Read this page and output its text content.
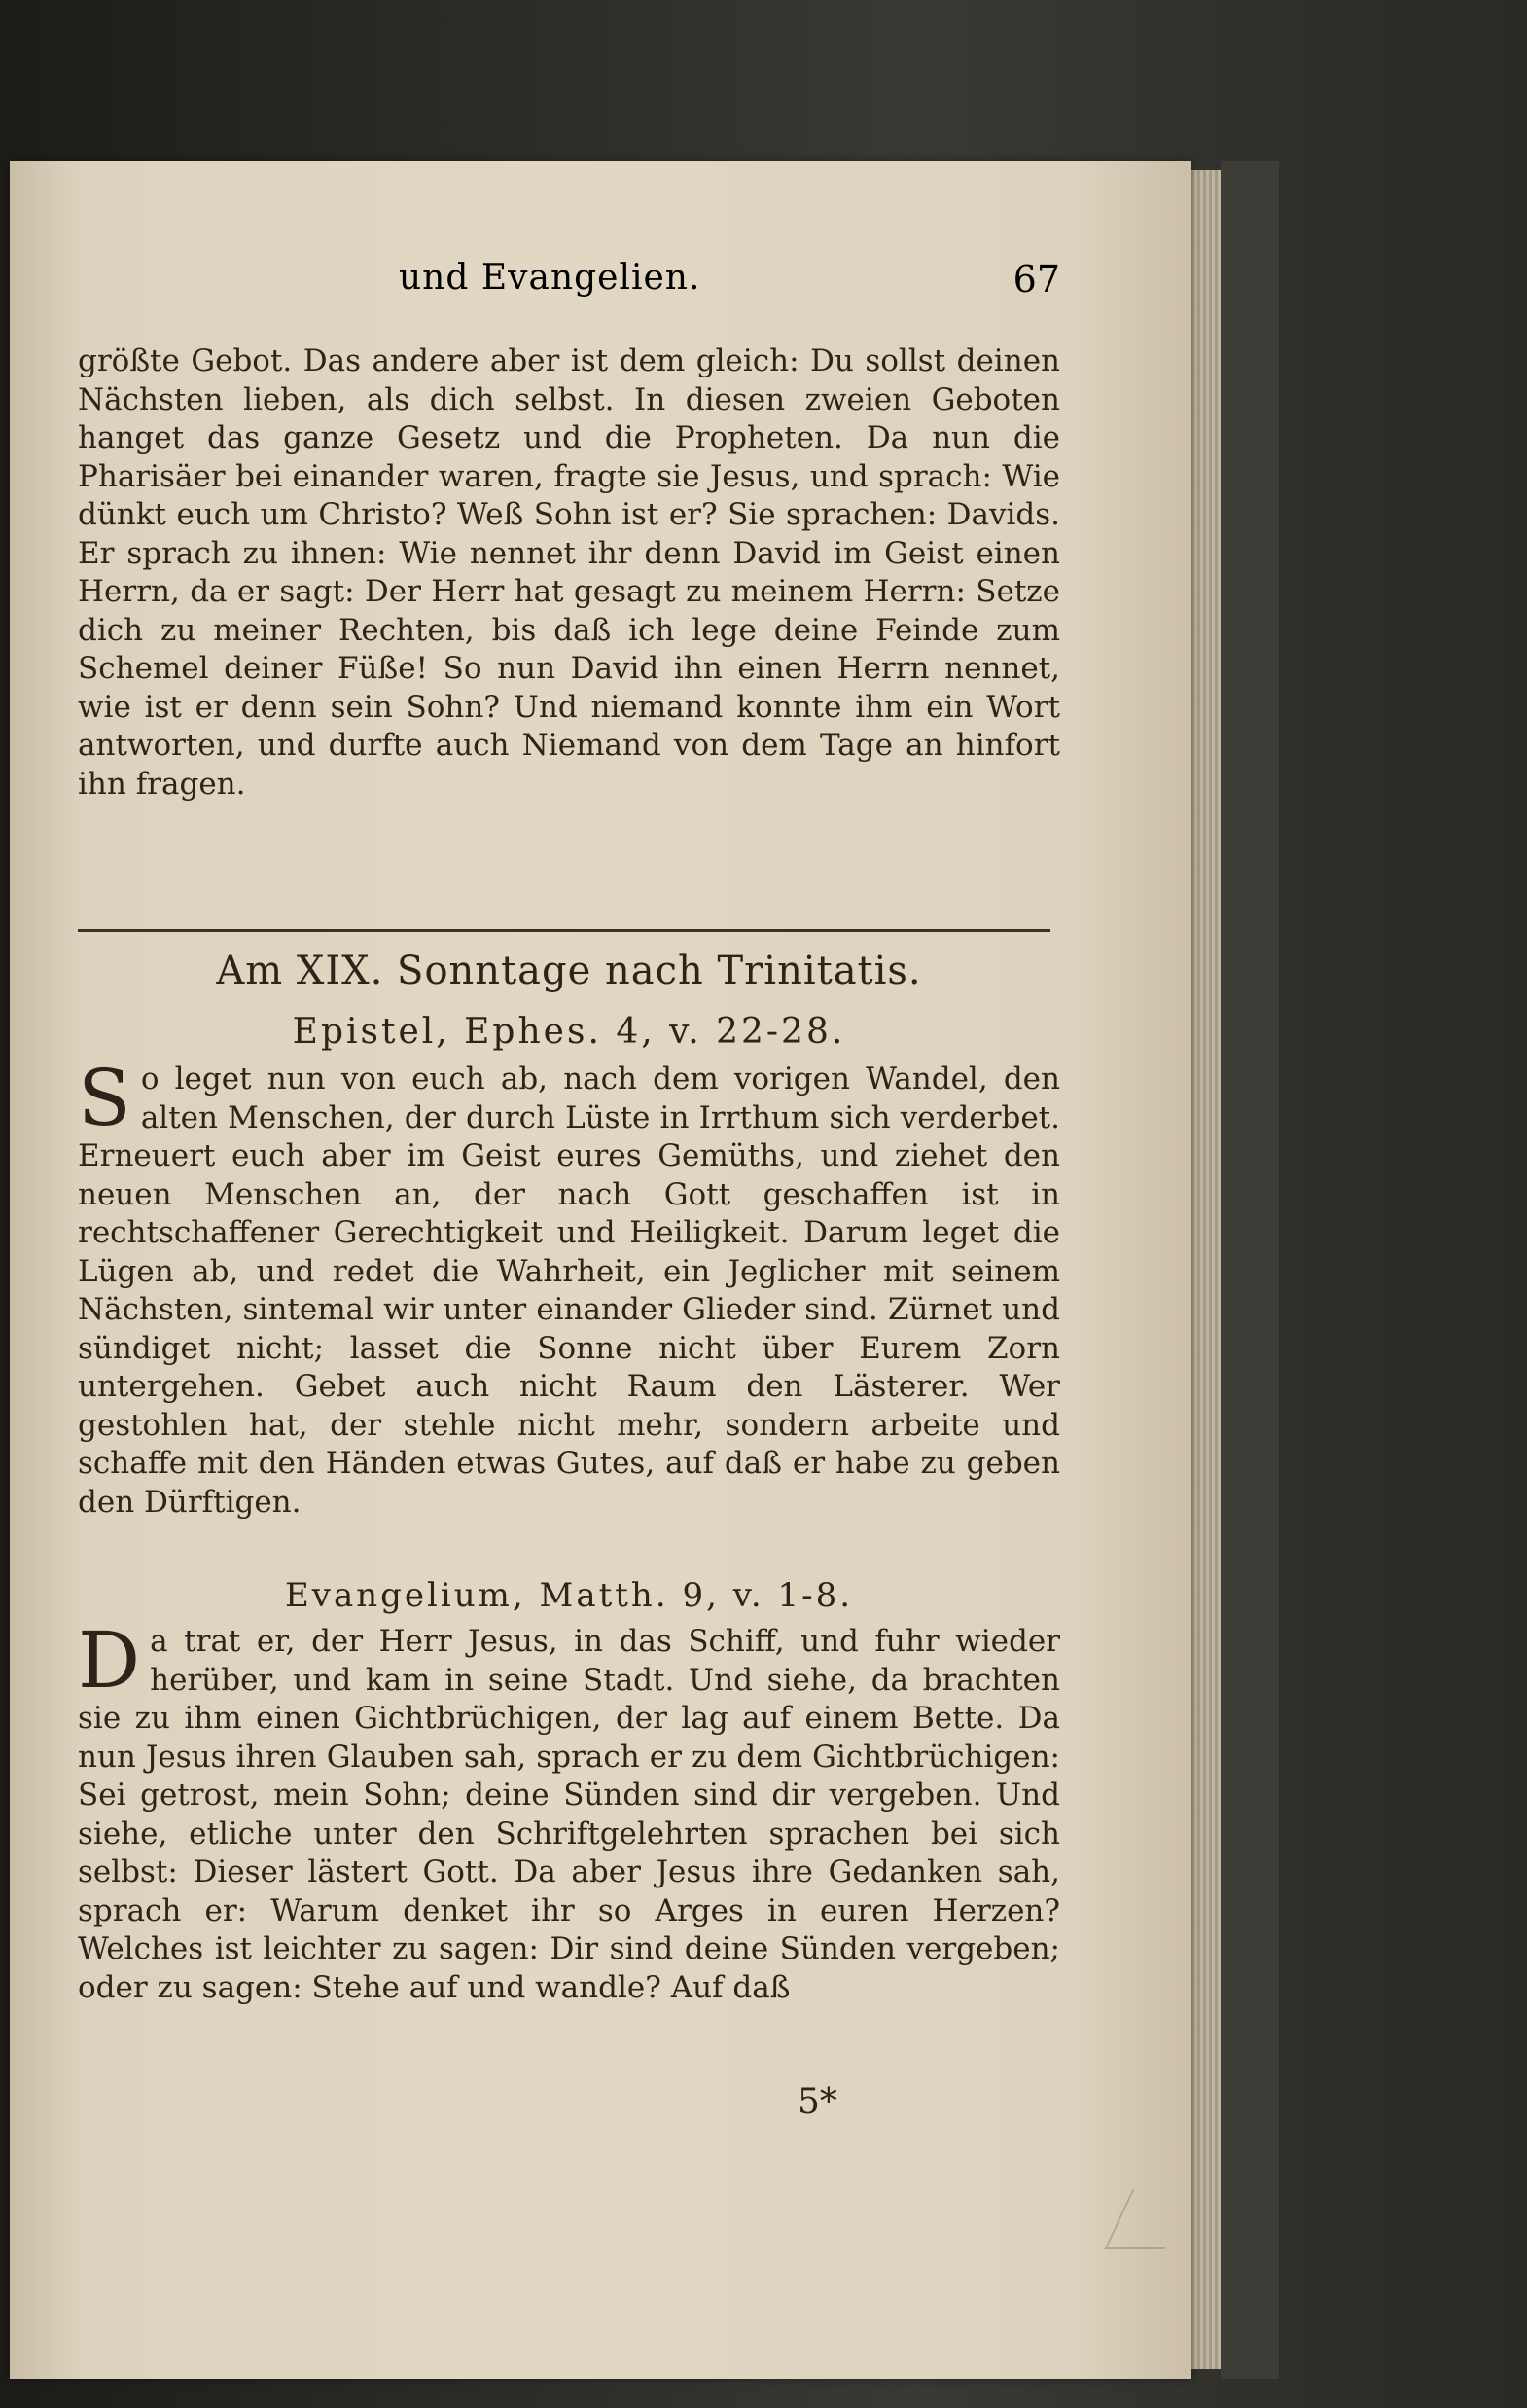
und Evangelien.	67
größte Gebot. Das andere aber ist dem gleich: Du sollst deinen Nächsten lieben, als dich selbst. In diesen zweien Geboten hanget das ganze Gesetz und die Propheten. Da nun die Pharisäer bei einander waren, fragte sie Jesus, und sprach: Wie dünkt euch um Christo? Weß Sohn ist er? Sie sprachen: Davids. Er sprach zu ihnen: Wie nennet ihr denn David im Geist einen Herrn, da er sagt: Der Herr hat gesagt zu meinem Herrn: Setze dich zu meiner Rechten, bis daß ich lege deine Feinde zum Schemel deiner Füße! So nun David ihn einen Herrn nennet, wie ist er denn sein Sohn? Und niemand konnte ihm ein Wort antworten, und durfte auch Niemand von dem Tage an hinfort ihn fragen.
Am XIX. Sonntage nach Trinitatis.
Epistel, Ephes. 4, v. 22-28.
So leget nun von euch ab, nach dem vorigen Wandel, den alten Menschen, der durch Lüste in Irrthum sich verderbet. Erneuert euch aber im Geist eures Gemüths, und ziehet den neuen Menschen an, der nach Gott geschaffen ist in rechtschaffener Gerechtigkeit und Heiligkeit. Darum leget die Lügen ab, und redet die Wahrheit, ein Jeglicher mit seinem Nächsten, sintemal wir unter einander Glieder sind. Zürnet und sündiget nicht; lasset die Sonne nicht über Eurem Zorn untergehen. Gebet auch nicht Raum den Lästerer. Wer gestohlen hat, der stehle nicht mehr, sondern arbeite und schaffe mit den Händen etwas Gutes, auf daß er habe zu geben den Dürftigen.
Evangelium, Matth. 9, v. 1-8.
Da trat er, der Herr Jesus, in das Schiff, und fuhr wieder herüber, und kam in seine Stadt. Und siehe, da brachten sie zu ihm einen Gichtbrüchigen, der lag auf einem Bette. Da nun Jesus ihren Glauben sah, sprach er zu dem Gichtbrüchigen: Sei getrost, mein Sohn; deine Sünden sind dir vergeben. Und siehe, etliche unter den Schriftgelehrten sprachen bei sich selbst: Dieser lästert Gott. Da aber Jesus ihre Gedanken sah, sprach er: Warum denket ihr so Arges in euren Herzen? Welches ist leichter zu sagen: Dir sind deine Sünden vergeben; oder zu sagen: Stehe auf und wandle? Auf daß
5*
